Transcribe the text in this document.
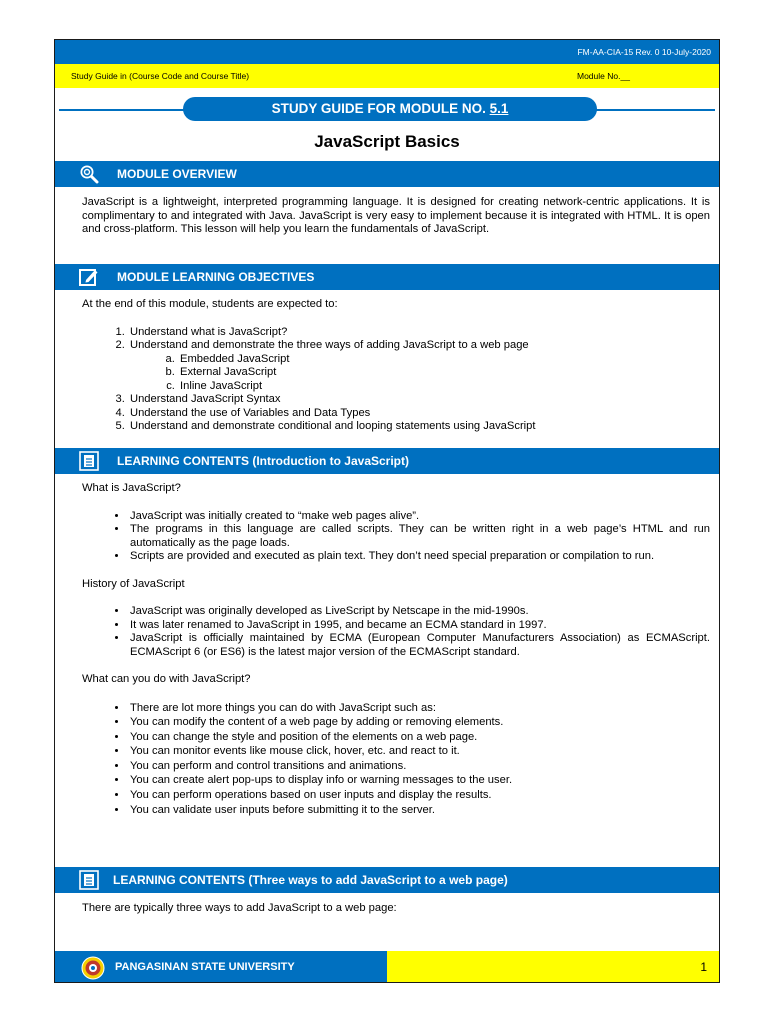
FM-AA-CIA-15 Rev. 0 10-July-2020
Study Guide in (Course Code and Course Title)	Module No.__
STUDY GUIDE FOR MODULE NO. 5.1
JavaScript Basics
MODULE OVERVIEW
JavaScript is a lightweight, interpreted programming language. It is designed for creating network-centric applications. It is complimentary to and integrated with Java. JavaScript is very easy to implement because it is integrated with HTML. It is open and cross-platform. This lesson will help you learn the fundamentals of JavaScript.
MODULE LEARNING OBJECTIVES
At the end of this module, students are expected to:
1. Understand what is JavaScript?
2. Understand and demonstrate the three ways of adding JavaScript to a web page
a. Embedded JavaScript
b. External JavaScript
c. Inline JavaScript
3. Understand JavaScript Syntax
4. Understand the use of Variables and Data Types
5. Understand and demonstrate conditional and looping statements using JavaScript
LEARNING CONTENTS (Introduction to JavaScript)
What is JavaScript?
• JavaScript was initially created to “make web pages alive”.
• The programs in this language are called scripts. They can be written right in a web page’s HTML and run automatically as the page loads.
• Scripts are provided and executed as plain text. They don’t need special preparation or compilation to run.
History of JavaScript
• JavaScript was originally developed as LiveScript by Netscape in the mid-1990s.
• It was later renamed to JavaScript in 1995, and became an ECMA standard in 1997.
• JavaScript is officially maintained by ECMA (European Computer Manufacturers Association) as ECMAScript. ECMAScript 6 (or ES6) is the latest major version of the ECMAScript standard.
What can you do with JavaScript?
• There are lot more things you can do with JavaScript such as:
• You can modify the content of a web page by adding or removing elements.
• You can change the style and position of the elements on a web page.
• You can monitor events like mouse click, hover, etc. and react to it.
• You can perform and control transitions and animations.
• You can create alert pop-ups to display info or warning messages to the user.
• You can perform operations based on user inputs and display the results.
• You can validate user inputs before submitting it to the server.
LEARNING CONTENTS (Three ways to add JavaScript to a web page)
There are typically three ways to add JavaScript to a web page:
PANGASINAN STATE UNIVERSITY	1
